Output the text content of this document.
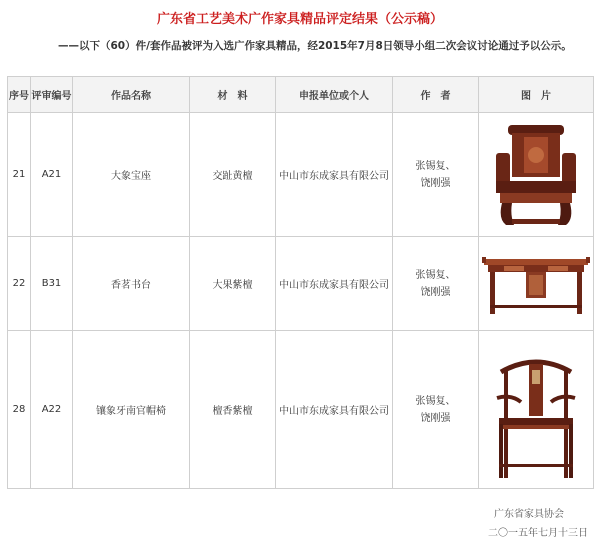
广东省工艺美术广作家具精品评定结果（公示稿）
——以下（60）件/套作品被评为入选广作家具精品，经2015年7月8日领导小组二次会议讨论通过予以公示。
序号	评审编号	作品名称	材　料	申报单位或个人	作　者	图　片
21	A21	大象宝座	交趾黄檀	中山市东成家具有限公司	张锡复、
饶刚强

22	B31	香茗书台	大果紫檀	中山市东成家具有限公司	张锡复、
饶刚强

28	A22	镶象牙南官帽椅	檀香紫檀	中山市东成家具有限公司	张锡复、
饶刚强

广东省家具协会
二〇一五年七月十三日
